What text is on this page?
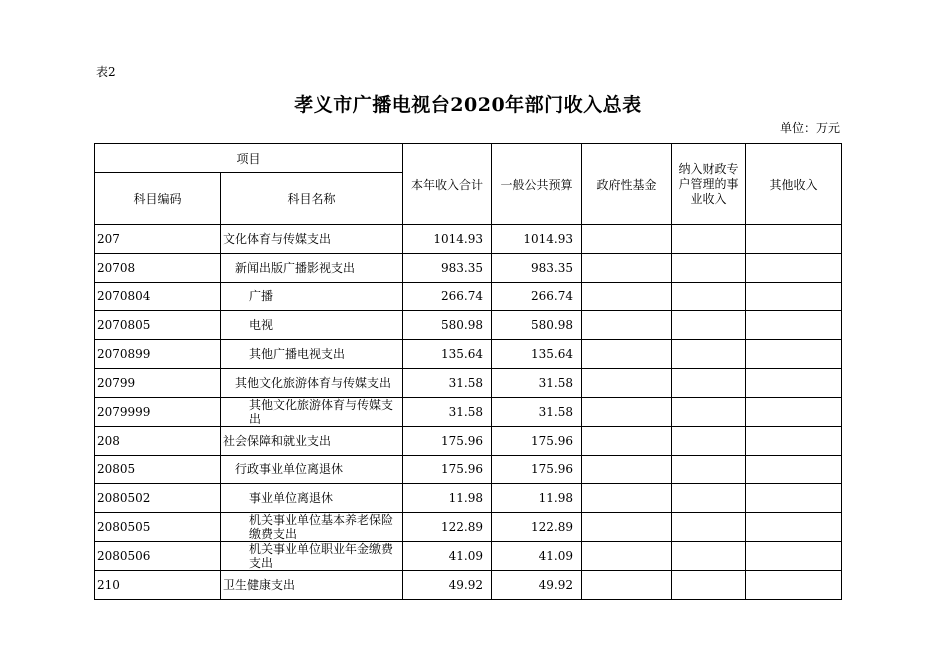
表2
孝义市广播电视台2020年部门收入总表
单位：万元
项目		本年收入合计	一般公共预算	政府性基金	纳入财政专户管理的事业收入	其他收入
科目编码	科目名称					
207	文化体育与传媒支出	1014.93	1014.93			
20708	新闻出版广播影视支出	983.35	983.35			
2070804	广播	266.74	266.74			
2070805	电视	580.98	580.98			
2070899	其他广播电视支出	135.64	135.64			
20799	其他文化旅游体育与传媒支出	31.58	31.58			
2079999	其他文化旅游体育与传媒支出	31.58	31.58			
208	社会保障和就业支出	175.96	175.96			
20805	行政事业单位离退休	175.96	175.96			
2080502	事业单位离退休	11.98	11.98			
2080505	机关事业单位基本养老保险缴费支出	122.89	122.89			
2080506	机关事业单位职业年金缴费支出	41.09	41.09			
210	卫生健康支出	49.92	49.92			
